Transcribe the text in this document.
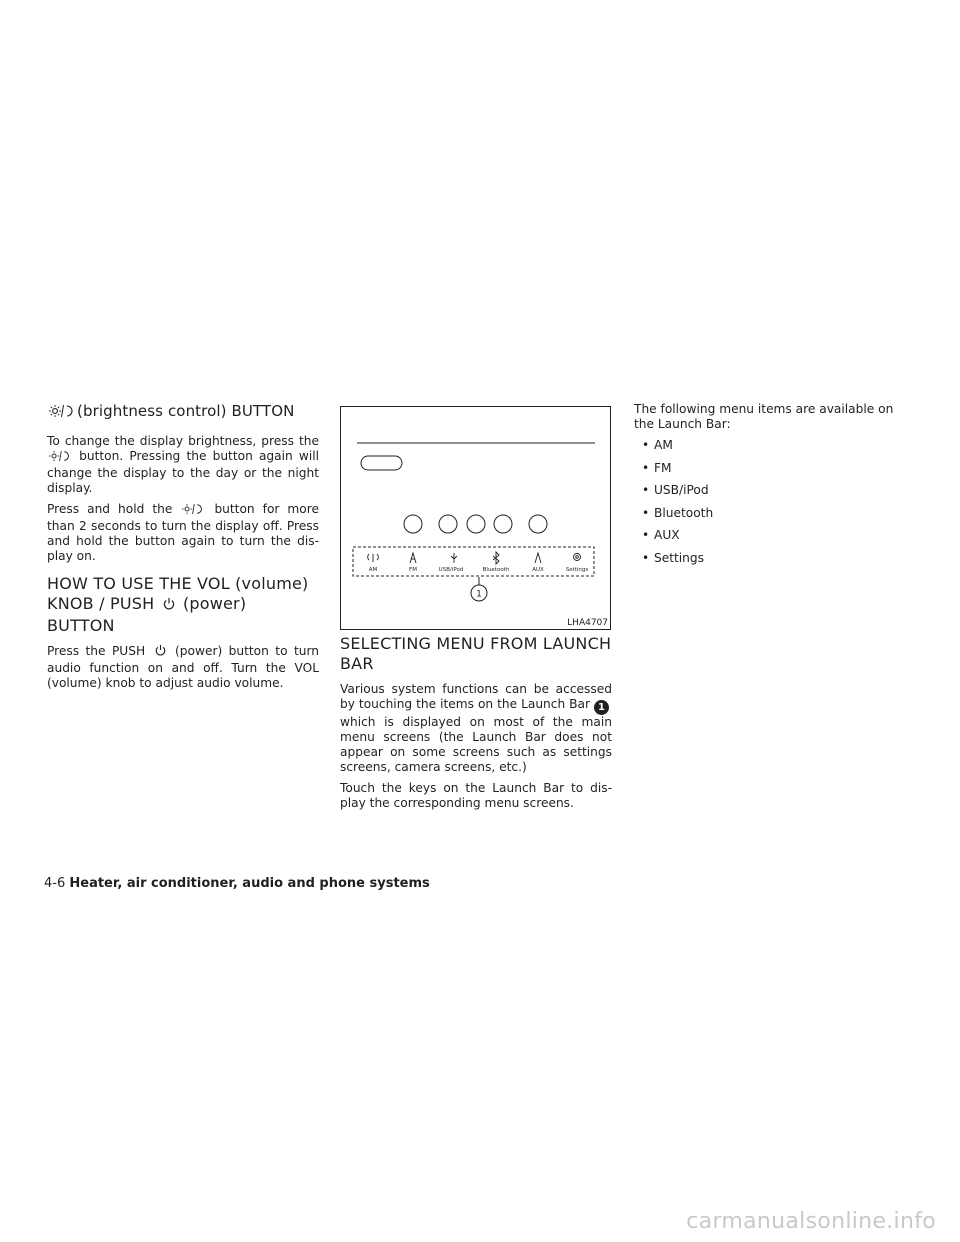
(brightness control) BUTTON

To change the display brightness, press the  button. Pressing the button again will change the display to the day or the night display.

Press and hold the	button for more than 2 seconds to turn the display off. Press and hold the button again to turn the dis-play on.

HOW TO USE THE VOL (volume) KNOB / PUSH (power) BUTTON

Press the PUSH (power) button to turn audio function on and off. Turn the VOL (volume) knob to adjust audio volume.

AM	FM	USB/iPod	Bluetooth	AUX	Settings
1
LHA4707
SELECTING MENU FROM LAUNCH BAR

Various system functions can be accessed by touching the items on the Launch Bar 1which is displayed on most of the main menu screens (the Launch Bar does not appear on some screens such as settings screens, camera screens, etc.)

Touch the keys on the Launch Bar to dis-play the corresponding menu screens.

The following menu items are available on the Launch Bar:

• AM
• FM
• USB/iPod
• Bluetooth
• AUX
• Settings
4-6 Heater, air conditioner, audio and phone systems
carmanualsonline.info
